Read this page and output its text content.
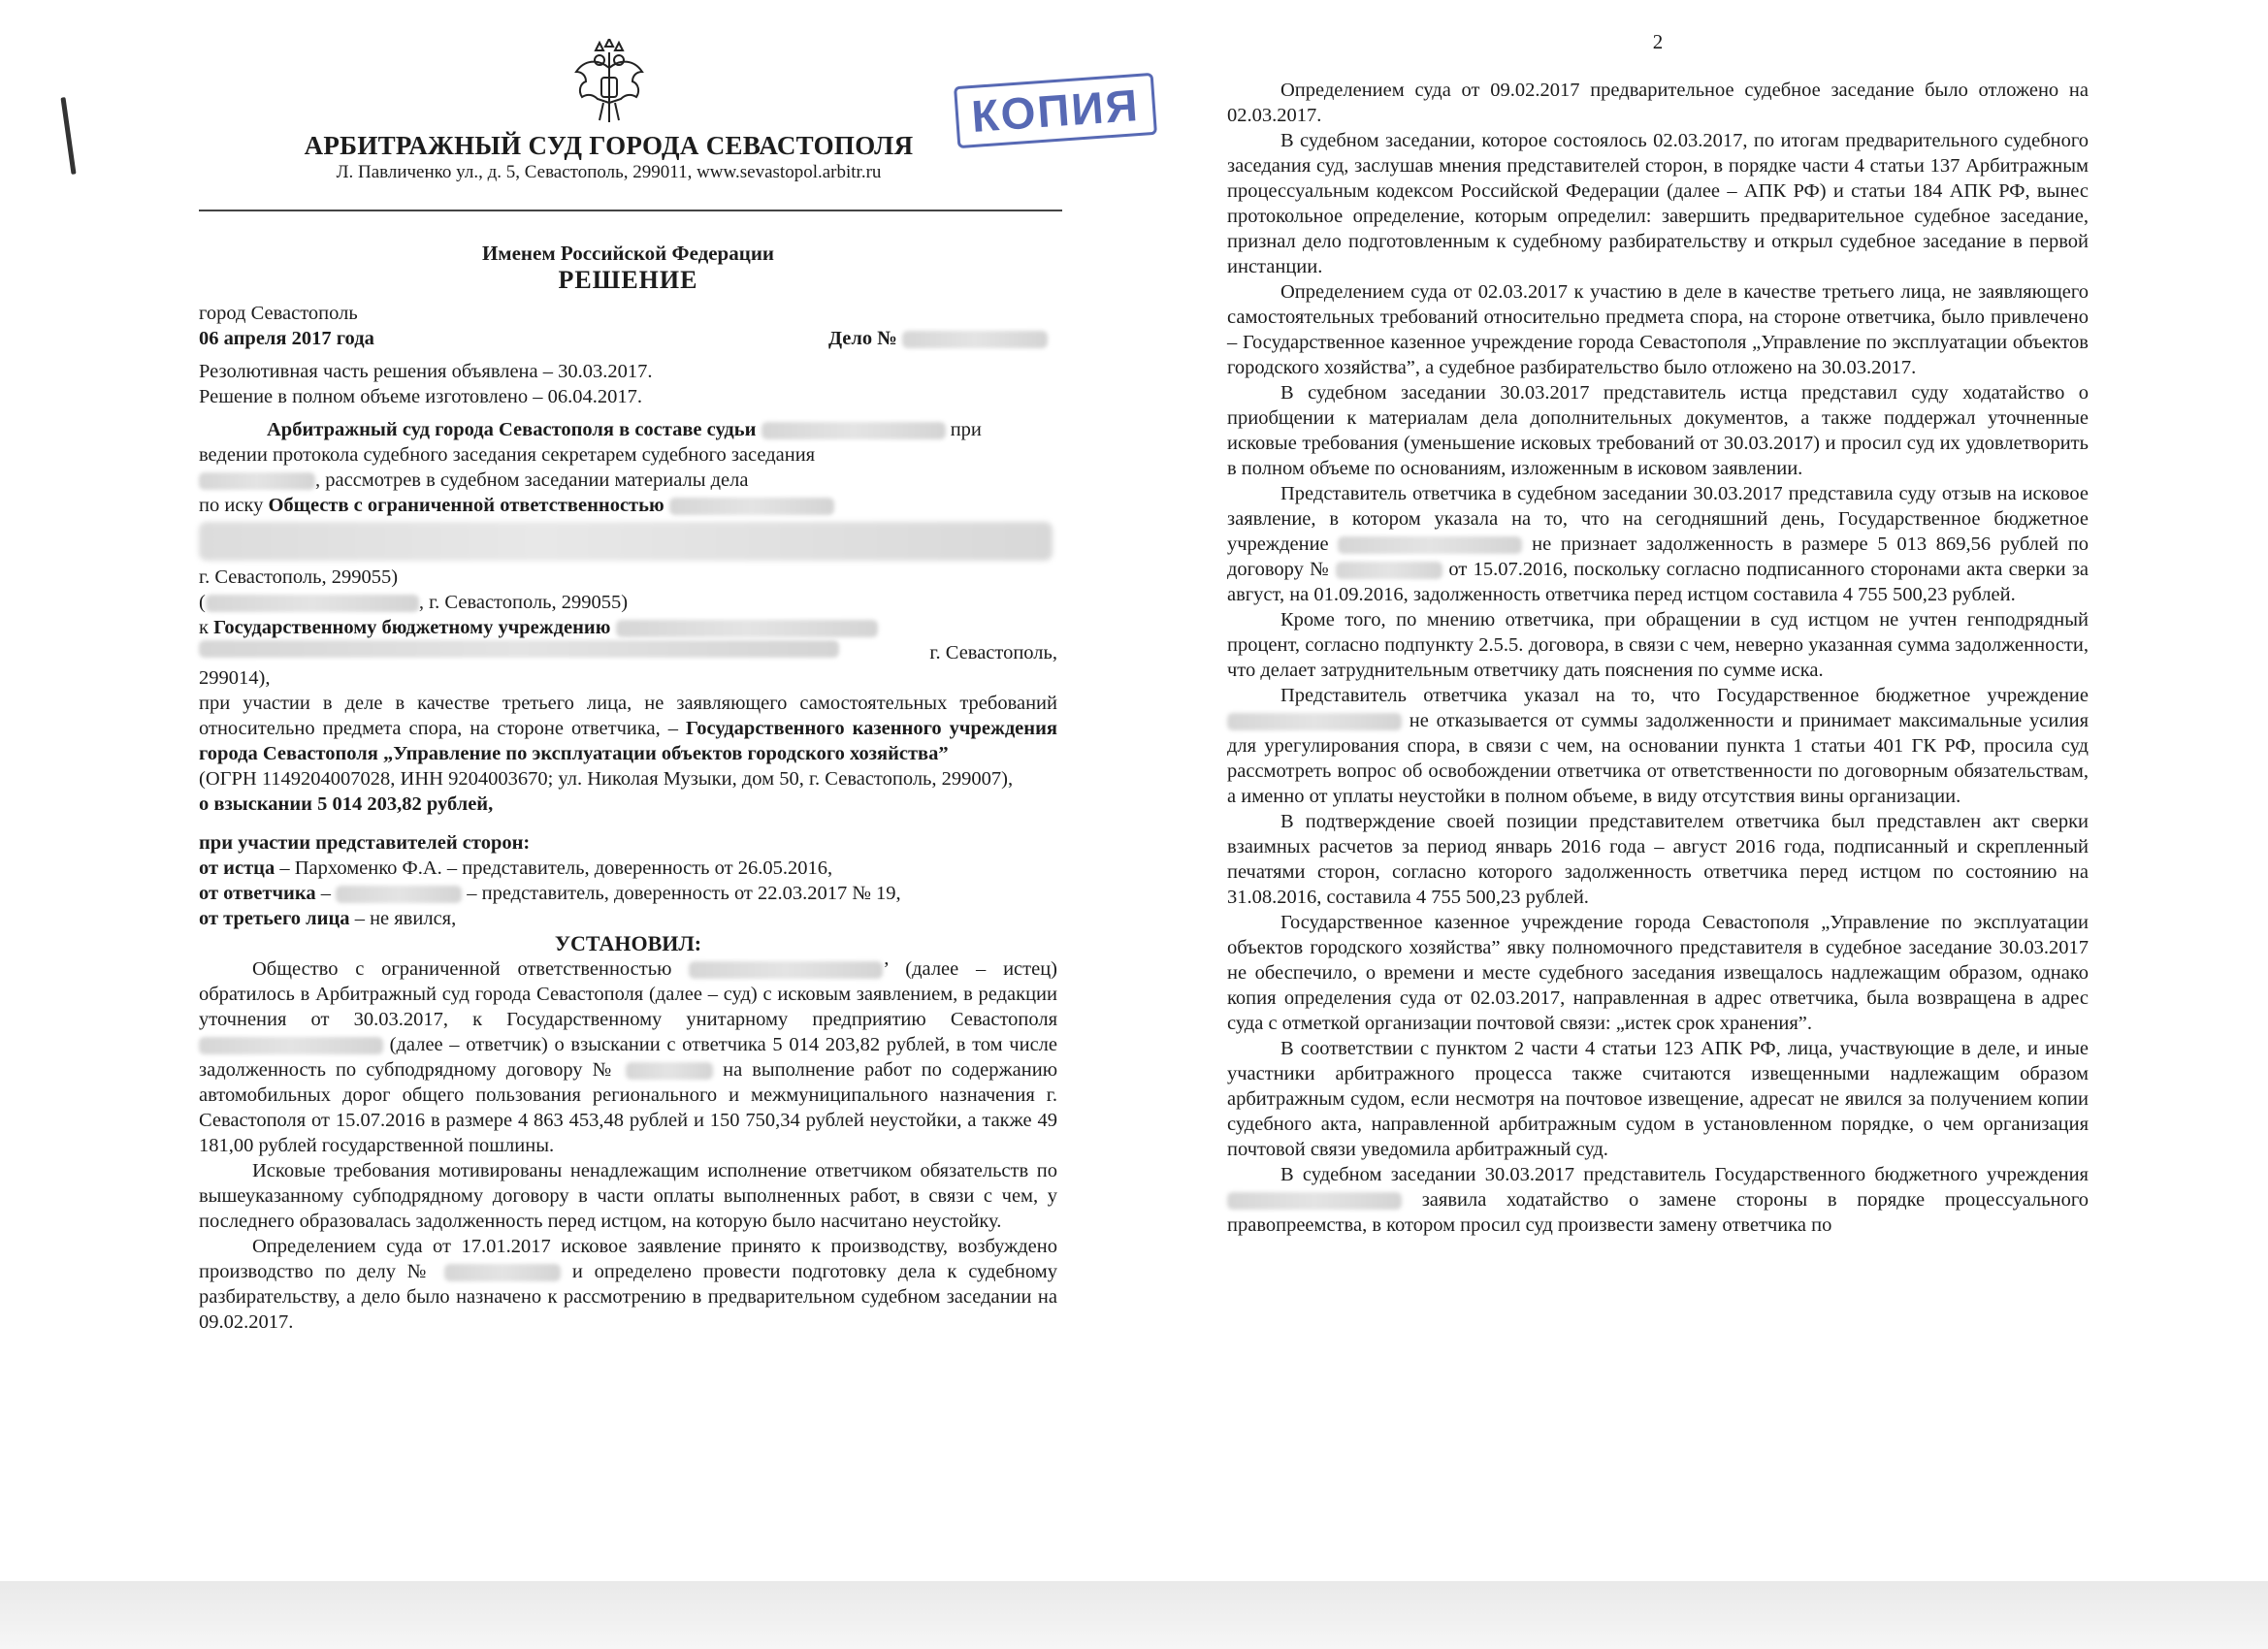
КОПИЯ

АРБИТРАЖНЫЙ СУД ГОРОДА СЕВАСТОПОЛЯ

Л. Павличенко ул., д. 5, Севастополь, 299011, www.sevastopol.arbitr.ru

Именем Российской Федерации

РЕШЕНИЕ

город Севастополь

06 апреля 2017 года	Дело №

Резолютивная часть решения объявлена – 30.03.2017.

Решение в полном объеме изготовлено – 06.04.2017.

Арбитражный суд города Севастополя в составе судьи	при

ведении протокола судебного заседания секретарем судебного заседания

, рассмотрев в судебном заседании материалы дела

по иску Обществ с ограниченной ответственностью

г. Севастополь, 299055)

(	, г. Севастополь, 299055)

к Государственному бюджетному учреждению

г. Севастополь,

299014),

при участии в деле в качестве третьего лица, не заявляющего самостоятельных требований относительно предмета спора, на стороне ответчика, – Государственного казенного учреждения города Севастополя „Управление по эксплуатации объектов городского хозяйства”

(ОГРН 1149204007028, ИНН 9204003670; ул. Николая Музыки, дом 50, г. Севастополь, 299007),

о взыскании 5 014 203,82 рублей,

при участии представителей сторон:

от истца – Пархоменко Ф.А. – представитель, доверенность от 26.05.2016,

от ответчика –	– представитель, доверенность от 22.03.2017 № 19,

от третьего лица – не явился,

УСТАНОВИЛ:

Общество с ограниченной ответственностью	’ (далее – истец) обратилось в Арбитражный суд города Севастополя (далее – суд) с исковым заявлением, в редакции уточнения от 30.03.2017, к Государственному унитарному предприятию Севастополя  (далее – ответчик) о взыскании с ответчика 5 014 203,82 рублей, в том числе задолженность по субподрядному договору №	на выполнение работ по содержанию автомобильных дорог общего пользования регионального и межмуниципального назначения г. Севастополя от 15.07.2016 в размере 4 863 453,48 рублей и 150 750,34 рублей неустойки, а также 49 181,00 рублей государственной пошлины.

Исковые требования мотивированы ненадлежащим исполнение ответчиком обязательств по вышеуказанному субподрядному договору в части оплаты выполненных работ, в связи с чем, у последнего образовалась задолженность перед истцом, на которую было насчитано неустойку.

Определением суда от 17.01.2017 исковое заявление принято к производству, возбуждено производство по делу №	и определено провести подготовку дела к судебному разбирательству, а дело было назначено к рассмотрению в предварительном судебном заседании на 09.02.2017.

2

Определением суда от 09.02.2017 предварительное судебное заседание было отложено на 02.03.2017.

В судебном заседании, которое состоялось 02.03.2017, по итогам предварительного судебного заседания суд, заслушав мнения представителей сторон, в порядке части 4 статьи 137 Арбитражным процессуальным кодексом Российской Федерации (далее – АПК РФ) и статьи 184 АПК РФ, вынес протокольное определение, которым определил: завершить предварительное судебное заседание, признал дело подготовленным к судебному разбирательству и открыл судебное заседание в первой инстанции.

Определением суда от 02.03.2017 к участию в деле в качестве третьего лица, не заявляющего самостоятельных требований относительно предмета спора, на стороне ответчика, было привлечено – Государственное казенное учреждение города Севастополя „Управление по эксплуатации объектов городского хозяйства”, а судебное разбирательство было отложено на 30.03.2017.

В судебном заседании 30.03.2017 представитель истца представил суду ходатайство о приобщении к материалам дела дополнительных документов, а также поддержал уточненные исковые требования (уменьшение исковых требований от 30.03.2017) и просил суд их удовлетворить в полном объеме по основаниям, изложенным в исковом заявлении.

Представитель ответчика в судебном заседании 30.03.2017 представила суду отзыв на исковое заявление, в котором указала на то, что на сегодняшний день, Государственное бюджетное учреждение	не признает задолженность в размере 5 013 869,56 рублей по договору №	от 15.07.2016, поскольку согласно подписанного сторонами акта сверки за август, на 01.09.2016, задолженность ответчика перед истцом составила 4 755 500,23 рублей.

Кроме того, по мнению ответчика, при обращении в суд истцом не учтен генподрядный процент, согласно подпункту 2.5.5. договора, в связи с чем, неверно указанная сумма задолженности, что делает затруднительным ответчику дать пояснения по сумме иска.

Представитель ответчика указал на то, что Государственное бюджетное учреждение  не отказывается от суммы задолженности и принимает максимальные усилия для урегулирования спора, в связи с чем, на основании пункта 1 статьи 401 ГК РФ, просила суд рассмотреть вопрос об освобождении ответчика от ответственности по договорным обязательствам, а именно от уплаты неустойки в полном объеме, в виду отсутствия вины организации.

В подтверждение своей позиции представителем ответчика был представлен акт сверки взаимных расчетов за период январь 2016 года – август 2016 года, подписанный и скрепленный печатями сторон, согласно которого задолженность ответчика перед истцом по состоянию на 31.08.2016, составила 4 755 500,23 рублей.

Государственное казенное учреждение города Севастополя „Управление по эксплуатации объектов городского хозяйства” явку полномочного представителя в судебное заседание 30.03.2017 не обеспечило, о времени и месте судебного заседания извещалось надлежащим образом, однако копия определения суда от 02.03.2017, направленная в адрес ответчика, была возвращена в адрес суда с отметкой организации почтовой связи: „истек срок хранения”.

В соответствии с пунктом 2 части 4 статьи 123 АПК РФ, лица, участвующие в деле, и иные участники арбитражного процесса также считаются извещенными надлежащим образом арбитражным судом, если несмотря на почтовое извещение, адресат не явился за получением копии судебного акта, направленной арбитражным судом в установленном порядке, о чем организация почтовой связи уведомила арбитражный суд.

В судебном заседании 30.03.2017 представитель Государственного бюджетного учреждения  заявила ходатайство о замене стороны в порядке процессуального правопреемства, в котором просил суд произвести замену ответчика по
